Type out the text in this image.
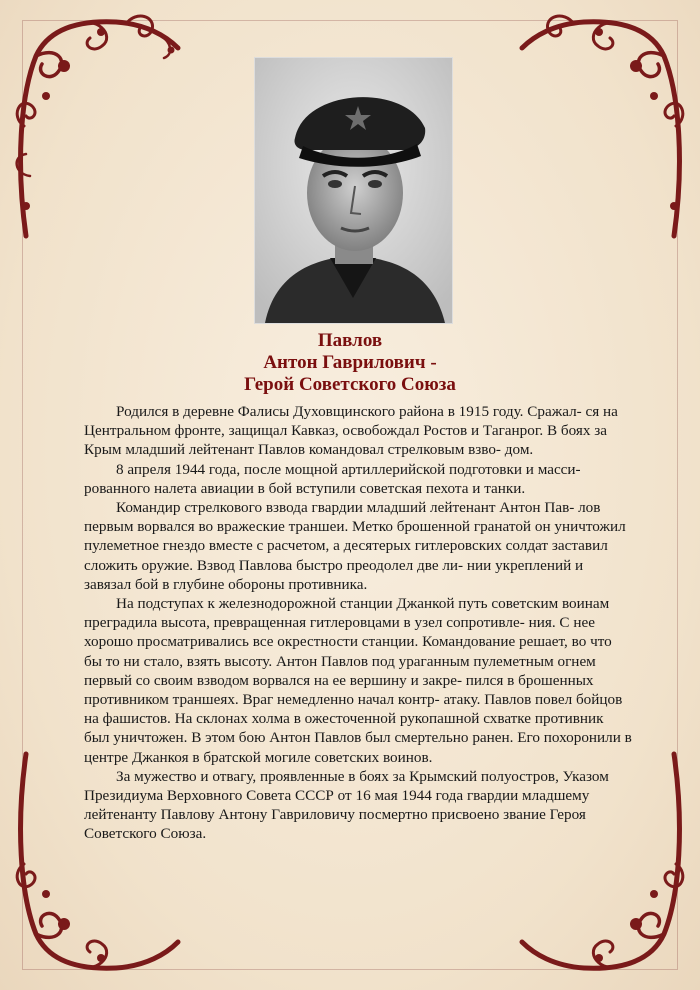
Павлов
Антон Гаврилович -
Герой Советского Союза

Родился в деревне Фалисы Духовщинского района в 1915 году. Сражал- ся на Центральном фронте, защищал Кавказ, освобождал Ростов и Таганрог. В боях за Крым младший лейтенант Павлов командовал стрелковым взво- дом.

8 апреля 1944 года, после мощной артиллерийской подготовки и масси- рованного налета авиации в бой вступили советская пехота и танки.

Командир стрелкового взвода гвардии младший лейтенант Антон Пав- лов первым ворвался во вражеские траншеи. Метко брошенной гранатой он уничтожил пулеметное гнездо вместе с расчетом, а десятерых гитлеровских солдат заставил сложить оружие. Взвод Павлова быстро преодолел две ли- нии укреплений и завязал бой в глубине обороны противника.

На подступах к железнодорожной станции Джанкой путь советским воинам преградила высота, превращенная гитлеровцами в узел сопротивле- ния. С нее хорошо просматривались все окрестности станции. Командование решает, во что бы то ни стало, взять высоту. Антон Павлов под ураганным пулеметным огнем первый со своим взводом ворвался на ее вершину и закре- пился в брошенных противником траншеях. Враг немедленно начал контр- атаку. Павлов повел бойцов на фашистов. На склонах холма в ожесточенной рукопашной схватке противник был уничтожен. В этом бою Антон Павлов был смертельно ранен. Его похоронили в центре Джанкоя в братской могиле советских воинов.

За мужество и отвагу, проявленные в боях за Крымский полуостров, Указом Президиума Верховного Совета СССР от 16 мая 1944 года гвардии младшему лейтенанту Павлову Антону Гавриловичу посмертно присвоено звание Героя Советского Союза.
